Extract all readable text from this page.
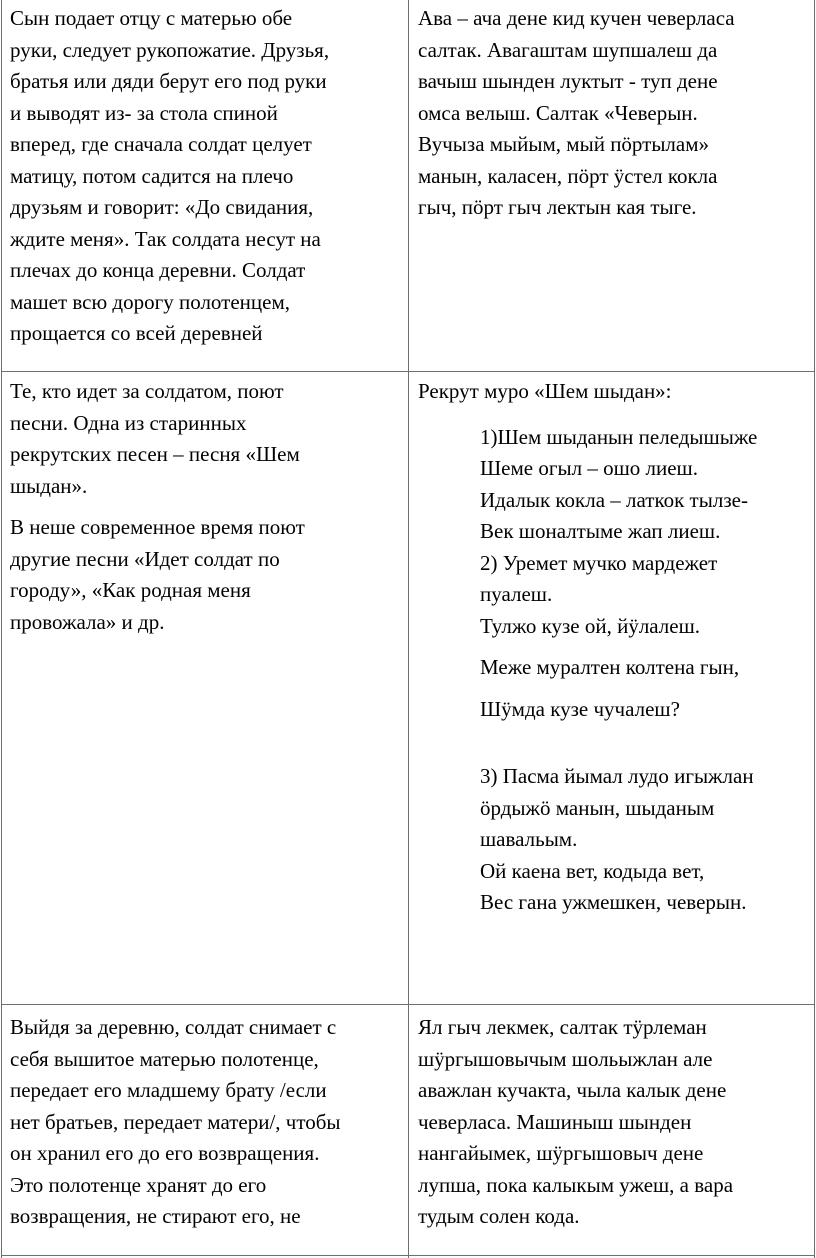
Сын подает отцу с матерью обе
руки, следует рукопожатие. Друзья,
братья или дяди берут его под руки
и выводят из- за стола спиной
вперед, где сначала солдат целует
матицу, потом садится на плечо
друзьям и говорит: «До свидания,
ждите меня». Так солдата несут на
плечах до конца деревни. Солдат
машет всю дорогу полотенцем,
прощается со всей деревней
Ава – ача дене кид кучен чеверласа
салтак. Авагаштам шупшалеш да
вачыш шынден луктыт - туп дене
омса велыш. Салтак «Чеверын.
Вучыза мыйым, мый пӧртылам»
манын, каласен, пӧрт ӱстел кокла
гыч, пӧрт гыч лектын кая тыге.

Те, кто идет за солдатом, поют
песни. Одна из старинных
рекрутских песен – песня «Шем
шыдан».

В неше современное время поют
другие песни «Идет солдат по
городу», «Как родная меня
провожала» и др.

Рекрут муро «Шем шыдан»:
1)Шем шыданын пеледышыже
Шеме огыл – ошо лиеш.
Идалык кокла – латкок тылзе-
Век шоналтыме жап лиеш.
2) Уремет мучко мардежет
пуалеш.
Тулжо кузе ой, йӱлалеш.
Меже муралтен колтена гын,
Шӱмда кузе чучалеш?
3) Пасма йымал лудо игыжлан
ӧрдыжӧ манын, шыданым
шавальым.
Ой каена вет, кодыда вет,
Вес гана ужмешкен, чеверын.
Выйдя за деревню, солдат снимает с
себя вышитое матерью полотенце,
передает его младшему брату /если
нет братьев, передает матери/, чтобы
он хранил его до его возвращения.
Это полотенце хранят до его
возвращения, не стирают его, не
Ял гыч лекмек, салтак тӱрлеман
шӱргышовычым шольыжлан але
аважлан кучакта, чыла калык дене
чеверласа. Машиныш шынден
нангайымек, шӱргышовыч дене
лупша, пока калыкым ужеш, а вара
тудым солен кода.
